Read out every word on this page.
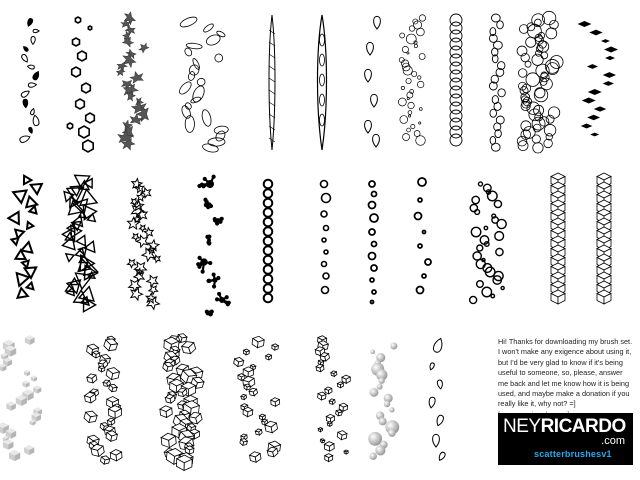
Hi! Thanks for downloading my brush set. I won't make any exigence about using it, but I'd be very glad to know if it's being useful to someone, so, please, answer me back and let me know how it is being used, and maybe make a donation if you really like it, why not? =]
NEYRICARDO
.com
scatterbrushesv1
